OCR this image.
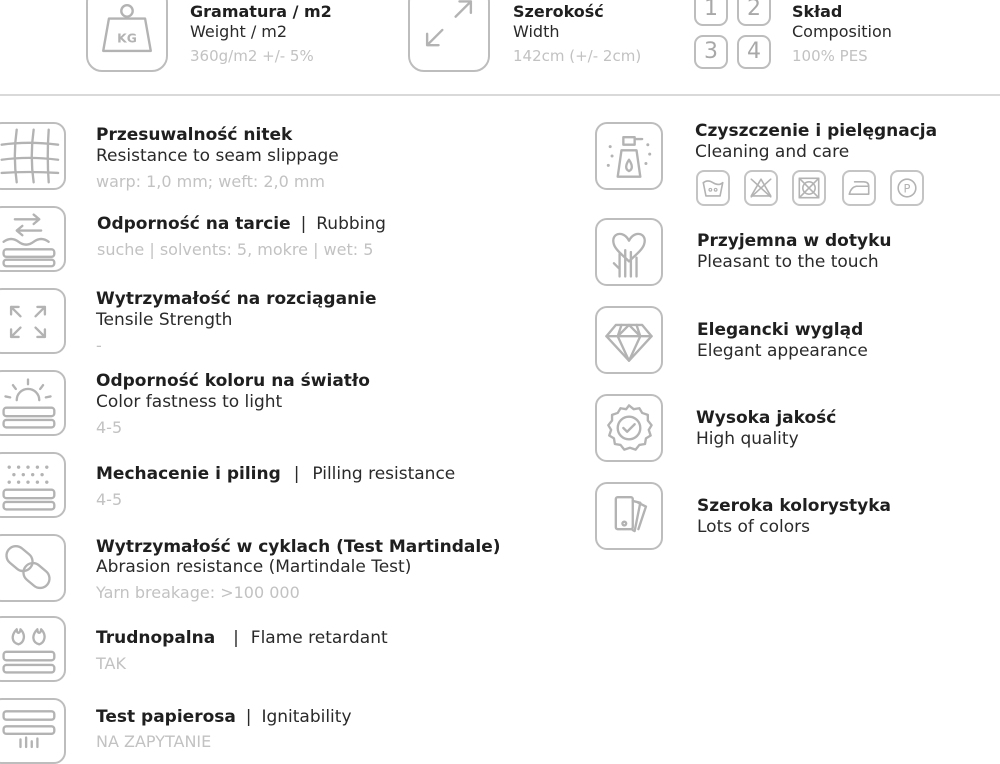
KG
Gramatura / m2
Weight / m2
360g/m2 +/- 5%
Szerokość
Width
142cm (+/- 2cm)
1	2
3	4
Skład
Composition
100% PES
Przesuwalność nitek
Resistance to seam slippage
warp: 1,0 mm; weft: 2,0 mm
Odporność na tarcie | Rubbing
suche | solvents: 5, mokre | wet: 5
Wytrzymałość na rozciąganie
Tensile Strength
-
Odporność koloru na światło
Color fastness to light
4-5
Mechacenie i piling | Pilling resistance
4-5
Wytrzymałość w cyklach (Test Martindale)
Abrasion resistance (Martindale Test)
Yarn breakage: >100 000
Trudnopalna | Flame retardant
TAK
Test papierosa | Ignitability
NA ZAPYTANIE
Czyszczenie i pielęgnacja
Cleaning and care
P
Przyjemna w dotyku
Pleasant to the touch
Elegancki wygląd
Elegant appearance
Wysoka jakość
High quality
Szeroka kolorystyka
Lots of colors
